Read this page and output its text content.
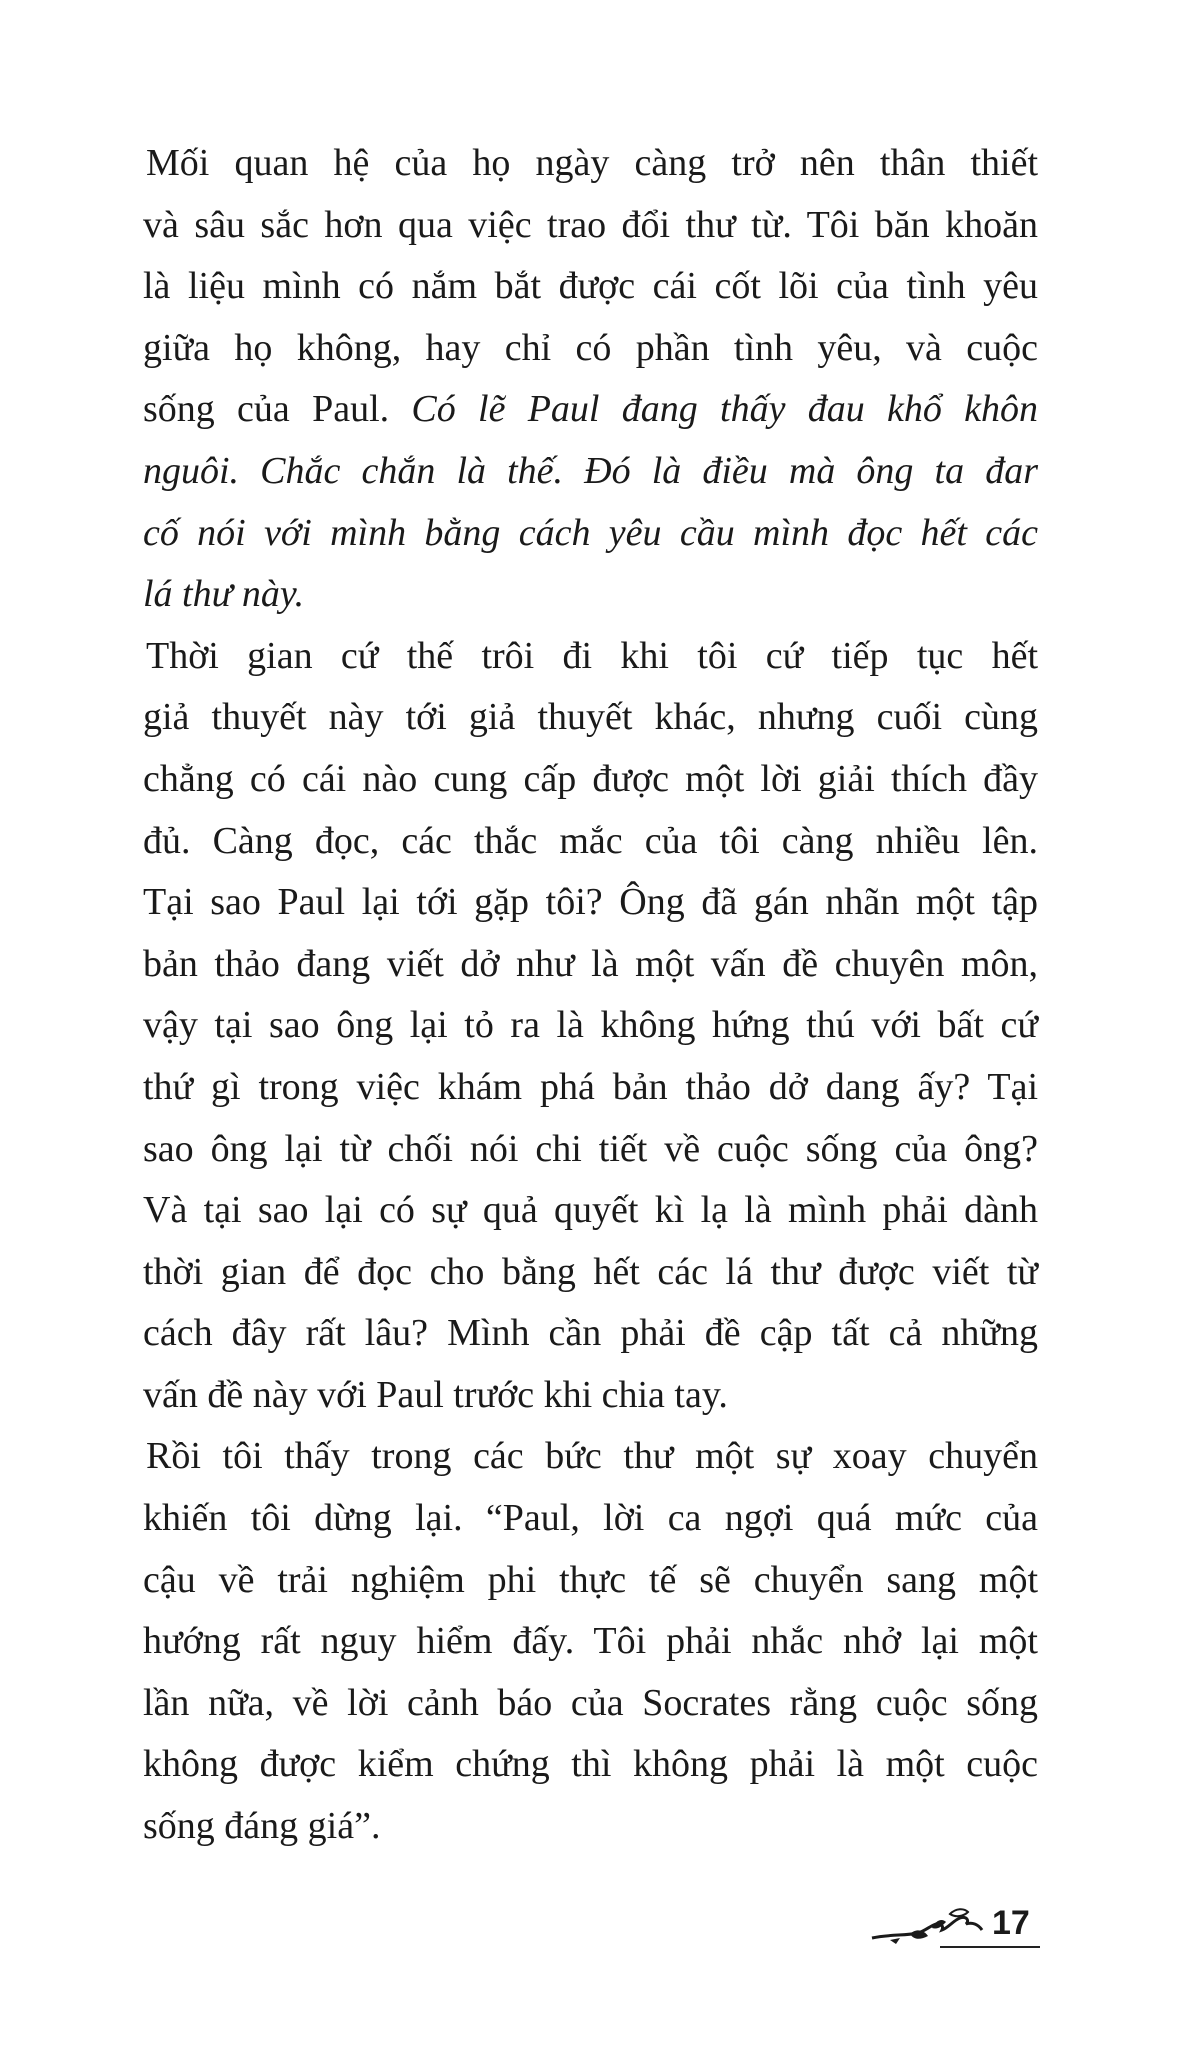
Mối quan hệ của họ ngày càng trở nên thân thiết
và sâu sắc hơn qua việc trao đổi thư từ. Tôi băn khoăn
là liệu mình có nắm bắt được cái cốt lõi của tình yêu
giữa họ không, hay chỉ có phần tình yêu, và cuộc
sống của Paul. Có lẽ Paul đang thấy đau khổ khôn
nguôi. Chắc chắn là thế. Đó là điều mà ông ta đar
cố nói với mình bằng cách yêu cầu mình đọc hết các
lá thư này.
Thời gian cứ thế trôi đi khi tôi cứ tiếp tục hết
giả thuyết này tới giả thuyết khác, nhưng cuối cùng
chẳng có cái nào cung cấp được một lời giải thích đầy
đủ. Càng đọc, các thắc mắc của tôi càng nhiều lên.
Tại sao Paul lại tới gặp tôi? Ông đã gán nhãn một tập
bản thảo đang viết dở như là một vấn đề chuyên môn,
vậy tại sao ông lại tỏ ra là không hứng thú với bất cứ
thứ gì trong việc khám phá bản thảo dở dang ấy? Tại
sao ông lại từ chối nói chi tiết về cuộc sống của ông?
Và tại sao lại có sự quả quyết kì lạ là mình phải dành
thời gian để đọc cho bằng hết các lá thư được viết từ
cách đây rất lâu? Mình cần phải đề cập tất cả những
vấn đề này với Paul trước khi chia tay.
Rồi tôi thấy trong các bức thư một sự xoay chuyển
khiến tôi dừng lại. “Paul, lời ca ngợi quá mức của
cậu về trải nghiệm phi thực tế sẽ chuyển sang một
hướng rất nguy hiểm đấy. Tôi phải nhắc nhở lại một
lần nữa, về lời cảnh báo của Socrates rằng cuộc sống
không được kiểm chứng thì không phải là một cuộc
sống đáng giá”.
17
